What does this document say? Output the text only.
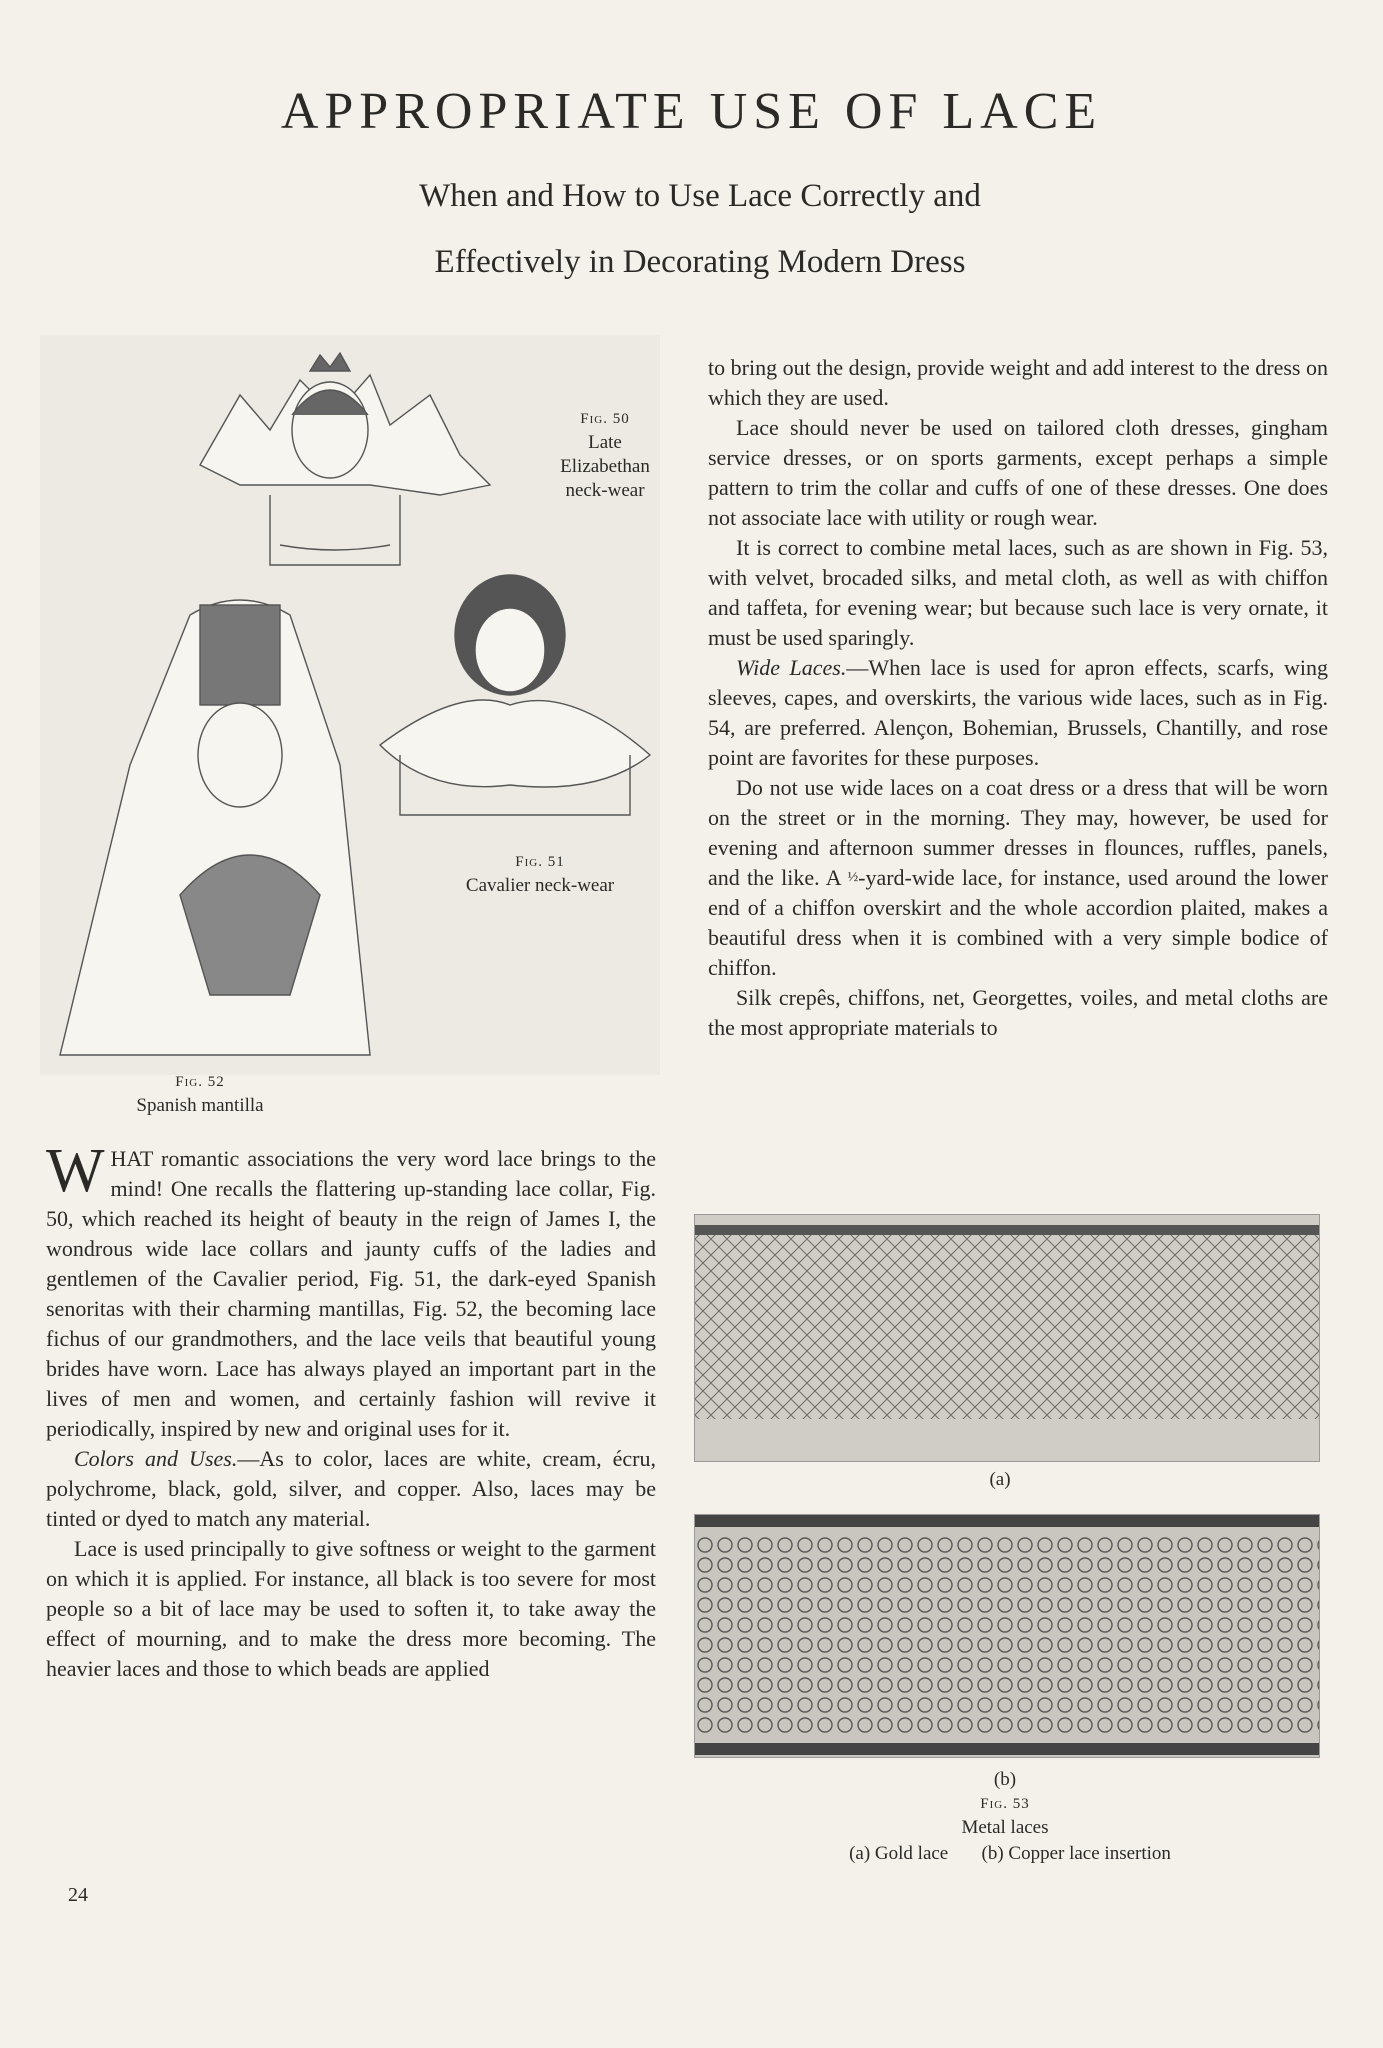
APPROPRIATE USE OF LACE
When and How to Use Lace Correctly and
Effectively in Decorating Modern Dress
Fig. 50
Late
Elizabethan
neck-wear
Fig. 51
Cavalier neck-wear
Fig. 52
Spanish mantilla

to bring out the design, provide weight and add interest to the dress on which they are used.

Lace should never be used on tailored cloth dresses, gingham service dresses, or on sports garments, except perhaps a simple pattern to trim the collar and cuffs of one of these dresses. One does not associate lace with utility or rough wear.

It is correct to combine metal laces, such as are shown in Fig. 53, with velvet, brocaded silks, and metal cloth, as well as with chiffon and taffeta, for evening wear; but because such lace is very ornate, it must be used sparingly.

Wide Laces.—When lace is used for apron effects, scarfs, wing sleeves, capes, and overskirts, the various wide laces, such as in Fig. 54, are preferred. Alençon, Bohemian, Brussels, Chantilly, and rose point are favorites for these purposes.

Do not use wide laces on a coat dress or a dress that will be worn on the street or in the morning. They may, however, be used for evening and afternoon summer dresses in flounces, ruffles, panels, and the like. A ½-yard-wide lace, for instance, used around the lower end of a chiffon overskirt and the whole accordion plaited, makes a beautiful dress when it is combined with a very simple bodice of chiffon.

Silk crepês, chiffons, net, Georgettes, voiles, and metal cloths are the most appropriate materials to

(a)
(b)
Fig. 53
Metal laces
(a) Gold lace (b) Copper lace insertion

WHAT romantic associations the very word lace brings to the mind! One recalls the flattering up-standing lace collar, Fig. 50, which reached its height of beauty in the reign of James I, the wondrous wide lace collars and jaunty cuffs of the ladies and gentlemen of the Cavalier period, Fig. 51, the dark-eyed Spanish senoritas with their charming mantillas, Fig. 52, the becoming lace fichus of our grandmothers, and the lace veils that beautiful young brides have worn. Lace has always played an important part in the lives of men and women, and certainly fashion will revive it periodically, inspired by new and original uses for it.

Colors and Uses.—As to color, laces are white, cream, écru, polychrome, black, gold, silver, and copper. Also, laces may be tinted or dyed to match any material.

Lace is used principally to give softness or weight to the garment on which it is applied. For instance, all black is too severe for most people so a bit of lace may be used to soften it, to take away the effect of mourning, and to make the dress more becoming. The heavier laces and those to which beads are applied

24
